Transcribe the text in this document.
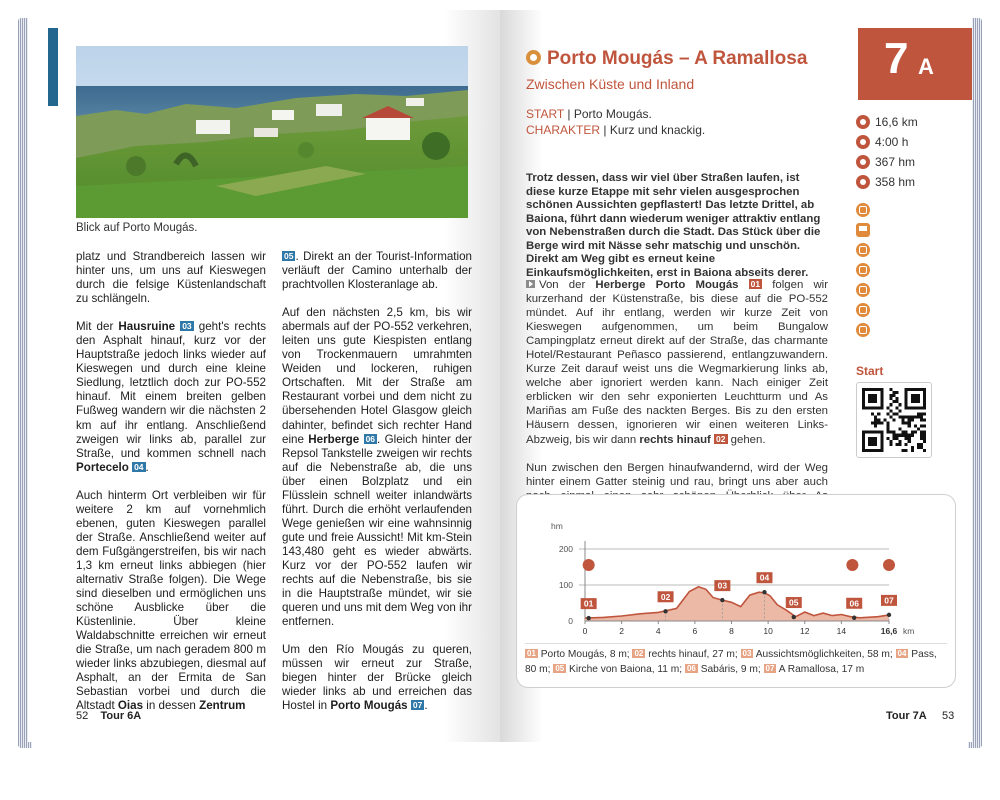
Blick auf Porto Mougás.

platz und Strandbereich lassen wir hinter uns, um uns auf Kieswegen durch die felsige Küstenlandschaft zu schlängeln.

Mit der Hausruine 03 geht's rechts den Asphalt hinauf, kurz vor der Hauptstraße jedoch links wieder auf Kieswegen und durch eine kleine Siedlung, letztlich doch zur PO-552 hinauf. Mit einem breiten gelben Fußweg wandern wir die nächsten 2 km auf ihr entlang. Anschließend zweigen wir links ab, parallel zur Straße, und kommen schnell nach Portecelo 04 .

Auch hinterm Ort verbleiben wir für weitere 2 km auf vornehmlich ebenen, guten Kieswegen parallel der Straße. Anschließend weiter auf dem Fußgängerstreifen, bis wir nach 1,3 km erneut links abbiegen (hier alternativ Straße folgen). Die Wege sind dieselben und ermöglichen uns schöne Ausblicke über die Küstenlinie. Über kleine Waldabschnitte erreichen wir erneut die Straße, um nach geradem 800 m wieder links abzubiegen, diesmal auf Asphalt, an der Ermita de San Sebastian vorbei und durch die Altstadt Oias in dessen Zentrum

05 . Direkt an der Tourist-Information verläuft der Camino unterhalb der prachtvollen Klosteranlage ab.

Auf den nächsten 2,5 km, bis wir abermals auf der PO-552 verkehren, leiten uns gute Kiespisten entlang von Trockenmauern umrahmten Weiden und lockeren, ruhigen Ortschaften. Mit der Straße am Restaurant vorbei und dem nicht zu übersehenden Hotel Glasgow gleich dahinter, befindet sich rechter Hand eine Herberge 06 . Gleich hinter der Repsol Tankstelle zweigen wir rechts auf die Nebenstraße ab, die uns über einen Bolzplatz und ein Flüsslein schnell weiter inlandwärts führt. Durch die erhöht verlaufenden Wege genießen wir eine wahnsinnig gute und freie Aussicht! Mit km-Stein 143,480 geht es wieder abwärts. Kurz vor der PO-552 laufen wir rechts auf die Nebenstraße, bis sie in die Hauptstraße mündet, wir sie queren und uns mit dem Weg von ihr entfernen.

Um den Río Mougás zu queren, müssen wir erneut zur Straße, biegen hinter der Brücke gleich wieder links ab und erreichen das Hostel in Porto Mougás 07 .

52 Tour 6A
Porto Mougás – A Ramallosa
Zwischen Küste und Inland
START | Porto Mougás.
CHARAKTER | Kurz und knackig.
7 A
16,6 km
4:00 h
367 hm
358 hm
Start
Trotz dessen, dass wir viel über Straßen laufen, ist diese kurze Etappe mit sehr vielen ausgesprochen schönen Aussichten gepflastert! Das letzte Drittel, ab Baiona, führt dann wiederum weniger attraktiv entlang von Nebenstraßen durch die Stadt. Das Stück über die Berge wird mit Nässe sehr matschig und unschön. Direkt am Weg gibt es erneut keine Einkaufsmöglichkeiten, erst in Baiona abseits derer.

Von der Herberge Porto Mougás 01 folgen wir kurzerhand der Küstenstraße, bis diese auf die PO-552 mündet. Auf ihr entlang, werden wir kurze Zeit von Kieswegen aufgenommen, um beim Bungalow Campingplatz erneut direkt auf der Straße, das charmante Hotel/Restaurant Peñasco passierend, entlangzuwandern. Kurze Zeit darauf weist uns die Wegmarkierung links ab, welche aber ignoriert werden kann. Nach einiger Zeit erblicken wir den sehr exponierten Leuchtturm und As Mariñas am Fuße des nackten Berges. Bis zu den ersten Häusern dessen, ignorieren wir einen weiteren Links-Abzweig, bis wir dann rechts hinauf 02 gehen.

Nun zwischen den Bergen hinaufwandernd, wird der Weg hinter einem Gatter steinig und rau, bringt uns aber auch

0
100
200
hm
0	2	4	6	8	10	12	14	16,6 km
01
02
03
04
05	06	07
01 Porto Mougás, 8 m; 02 rechts hinauf, 27 m; 03 Aussichtsmöglichkeiten, 58 m; 04 Pass, 80 m; 05 Kirche von Baiona, 11 m; 06 Sabáris, 9 m; 07 A Ramallosa, 17 m
Tour 7A 53
